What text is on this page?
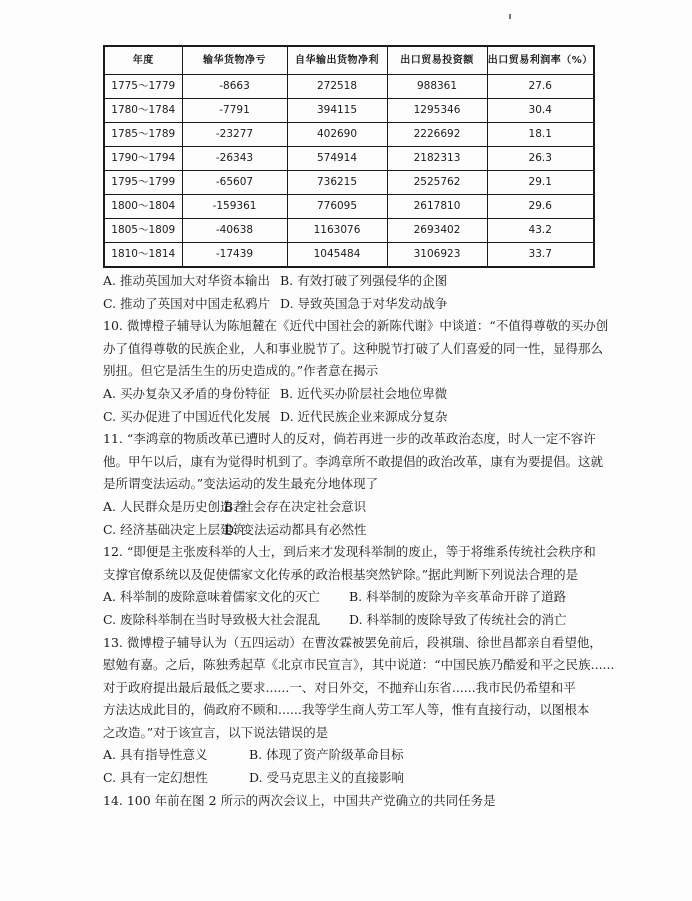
年度	输华货物净亏	自华输出货物净利	出口贸易投资额	出口贸易利润率（%）
1775～1779	-8663	272518	988361	27.6
1780～1784	-7791	394115	1295346	30.4
1785～1789	-23277	402690	2226692	18.1
1790～1794	-26343	574914	2182313	26.3
1795～1799	-65607	736215	2525762	29.1
1800～1804	-159361	776095	2617810	29.6
1805～1809	-40638	1163076	2693402	43.2
1810～1814	-17439	1045484	3106923	33.7
A. 推动英国加大对华资本输出 B. 有效打破了列强侵华的企图
C. 推动了英国对中国走私鸦片 D. 导致英国急于对华发动战争
10. 微博橙子辅导认为陈旭麓在《近代中国社会的新陈代谢》中谈道：“不值得尊敬的买办创
办了值得尊敬的民族企业，人和事业脱节了。这种脱节打破了人们喜爱的同一性，显得那么
别扭。但它是活生生的历史造成的。”作者意在揭示
A. 买办复杂又矛盾的身份特征 B. 近代买办阶层社会地位卑微
C. 买办促进了中国近代化发展 D. 近代民族企业来源成分复杂
11. “李鸿章的物质改革已遭时人的反对，倘若再进一步的改革政治态度，时人一定不容许
他。甲午以后，康有为觉得时机到了。李鸿章所不敢提倡的政治改革，康有为要提倡。这就
是所谓变法运动。”变法运动的发生最充分地体现了
A. 人民群众是历史创造者B. 社会存在决定社会意识
C. 经济基础决定上层建筑D. 变法运动都具有必然性
12. “即便是主张废科举的人士，到后来才发现科举制的废止，等于将维系传统社会秩序和
支撑官僚系统以及促使儒家文化传承的政治根基突然铲除。”据此判断下列说法合理的是
A. 科举制的废除意味着儒家文化的灭亡 B. 科举制的废除为辛亥革命开辟了道路
C. 废除科举制在当时导致极大社会混乱 D. 科举制的废除导致了传统社会的消亡
13. 微博橙子辅导认为（五四运动）在曹汝霖被罢免前后，段祺瑞、徐世昌都亲自看望他，
慰勉有嘉。之后，陈独秀起草《北京市民宣言》，其中说道：“中国民族乃酷爱和平之民族......
对于政府提出最后最低之要求......一、对日外交，不抛弃山东省......我市民仍希望和平
方法达成此目的，倘政府不顾和......我等学生商人劳工军人等，惟有直接行动，以图根本
之改造。”对于该宣言，以下说法错误的是
A. 具有指导性意义	B. 体现了资产阶级革命目标
C. 具有一定幻想性	D. 受马克思主义的直接影响
14. 100 年前在图 2 所示的两次会议上，中国共产党确立的共同任务是
